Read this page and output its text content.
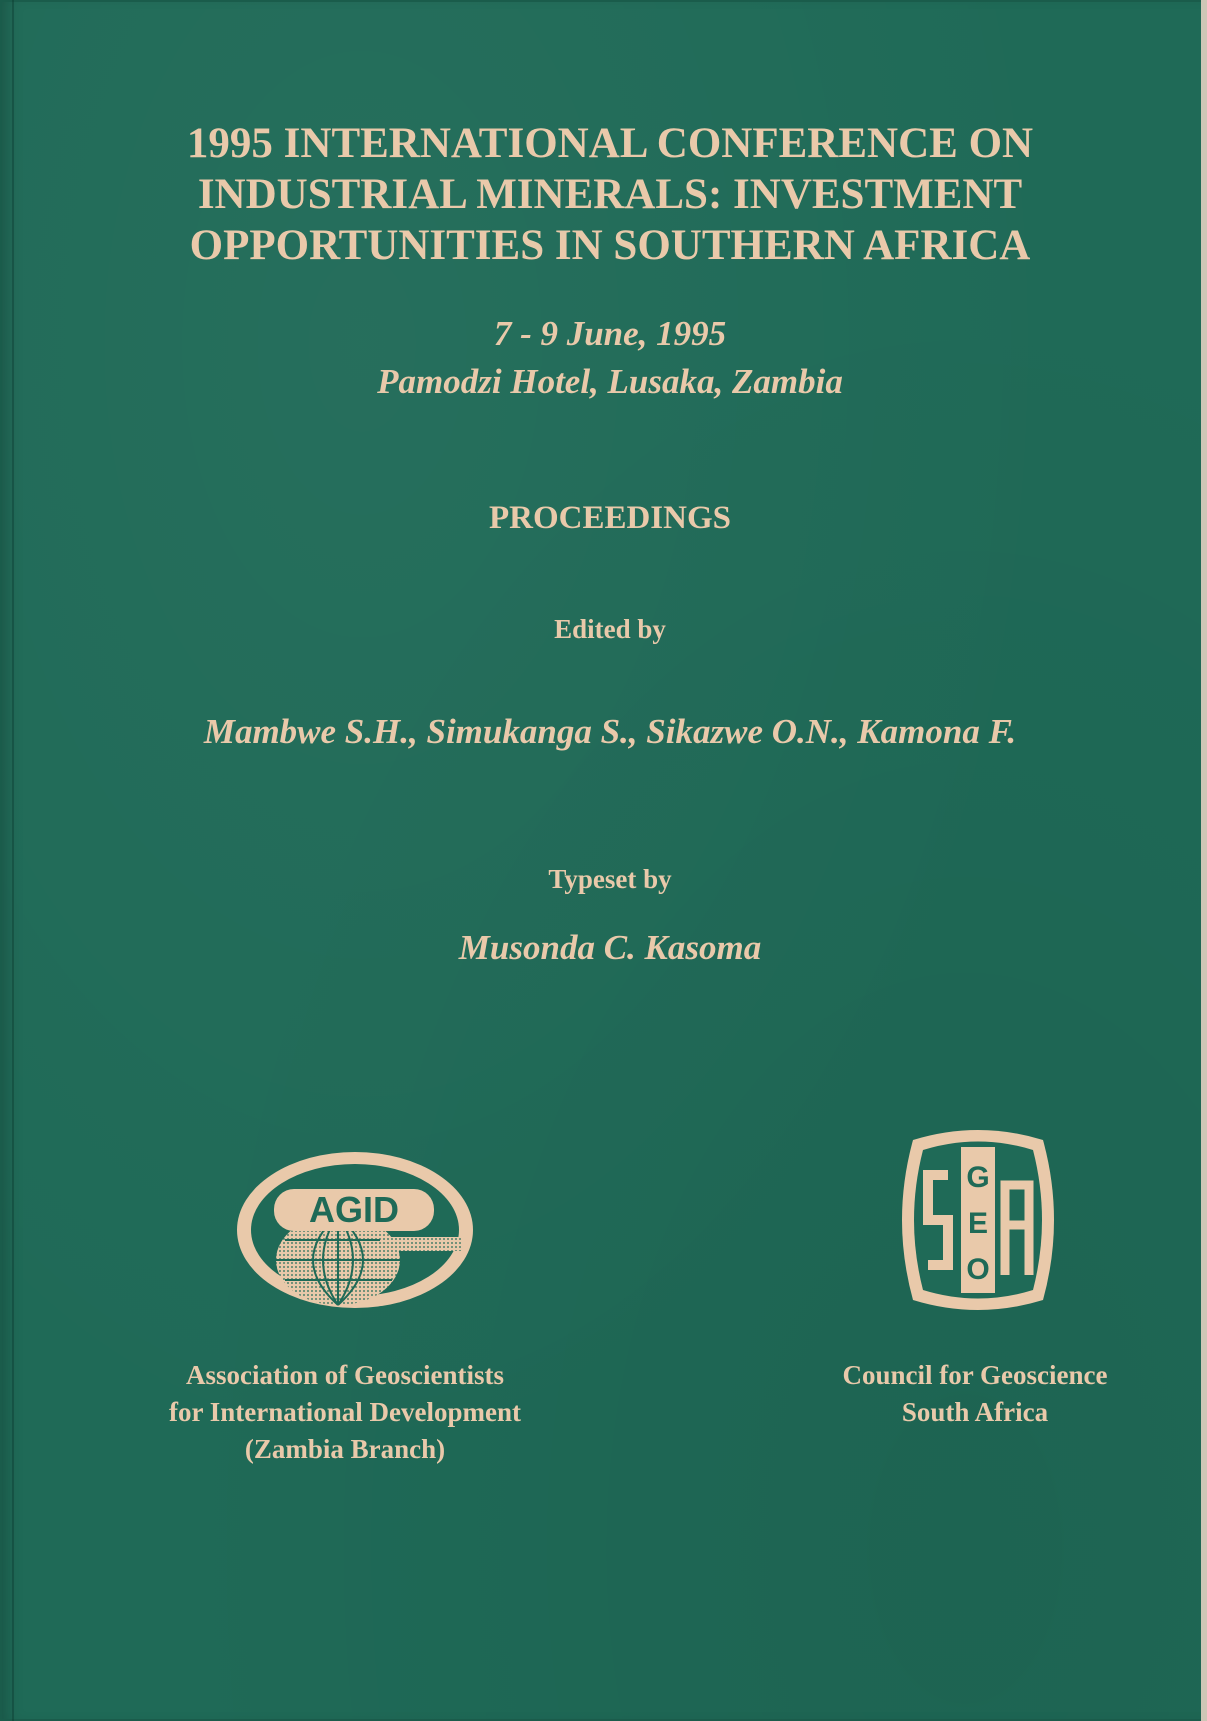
1995 INTERNATIONAL CONFERENCE ON
INDUSTRIAL MINERALS: INVESTMENT
OPPORTUNITIES IN SOUTHERN AFRICA
7 - 9 June, 1995
Pamodzi Hotel, Lusaka, Zambia
PROCEEDINGS
Edited by
Mambwe S.H., Simukanga S., Sikazwe O.N., Kamona F.
Typeset by
Musonda C. Kasoma
AGID
G
E
O
Association of Geoscientists
for International Development
(Zambia Branch)
Council for Geoscience
South Africa
